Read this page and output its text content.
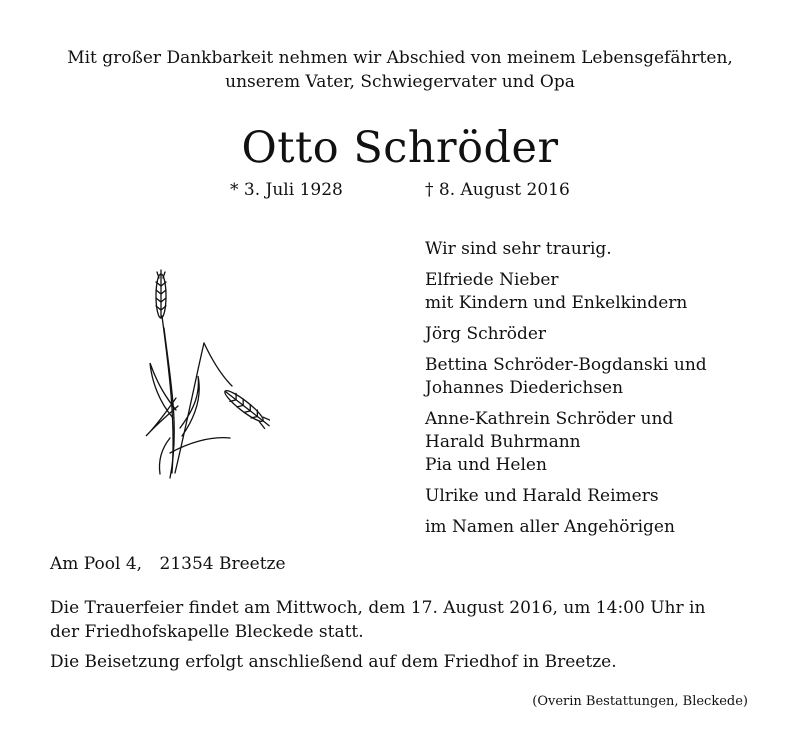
Mit großer Dankbarkeit nehmen wir Abschied von meinem Lebensgefährten,
unserem Vater, Schwiegervater und Opa
Otto Schröder
* 3. Juli 1928	† 8. August 2016
Wir sind sehr traurig.
Elfriede Nieber
mit Kindern und Enkelkindern
Jörg Schröder
Bettina Schröder-Bogdanski und
Johannes Diederichsen
Anne-Kathrein Schröder und
Harald Buhrmann
Pia und Helen
Ulrike und Harald Reimers
im Namen aller Angehörigen
Am Pool 4, 21354 Breetze
Die Trauerfeier findet am Mittwoch, dem 17. August 2016, um 14:00 Uhr in
der Friedhofskapelle Bleckede statt.
Die Beisetzung erfolgt anschließend auf dem Friedhof in Breetze.
(Overin Bestattungen, Bleckede)
